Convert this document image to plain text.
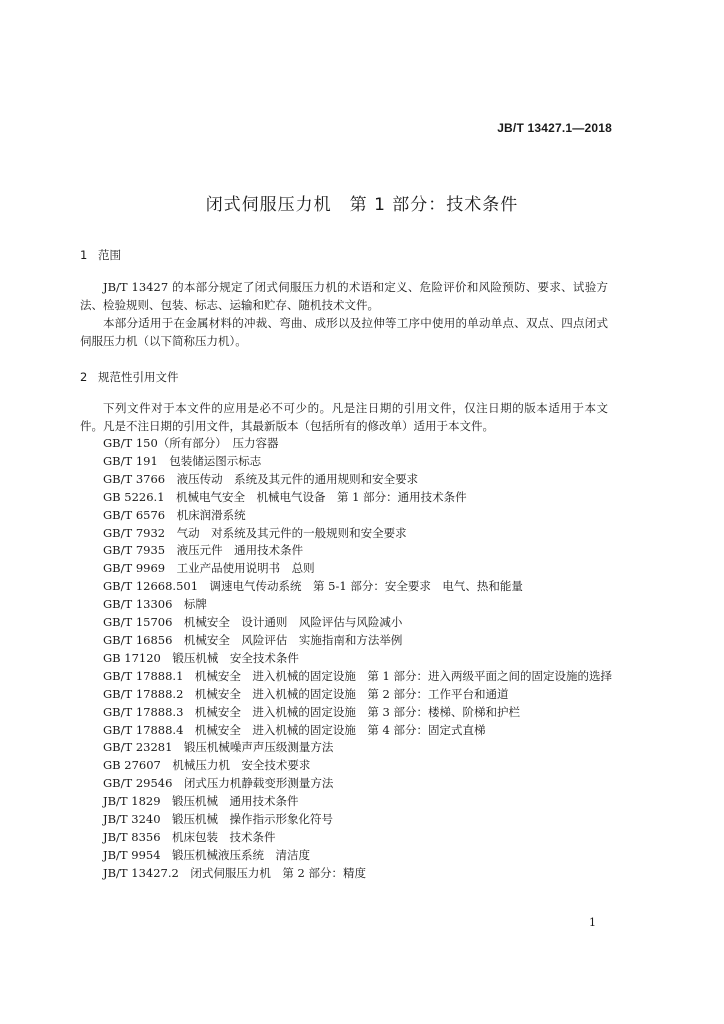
JB/T 13427.1—2018
闭式伺服压力机　第 1 部分：技术条件
1 范围

JB/T 13427 的本部分规定了闭式伺服压力机的术语和定义、危险评价和风险预防、要求、试验方法、检验规则、包装、标志、运输和贮存、随机技术文件。

本部分适用于在金属材料的冲裁、弯曲、成形以及拉伸等工序中使用的单动单点、双点、四点闭式伺服压力机（以下简称压力机）。

2 规范性引用文件

下列文件对于本文件的应用是必不可少的。凡是注日期的引用文件，仅注日期的版本适用于本文件。凡是不注日期的引用文件，其最新版本（包括所有的修改单）适用于本文件。

GB/T 150（所有部分）　压力容器
GB/T 191　包装储运图示标志
GB/T 3766　液压传动　系统及其元件的通用规则和安全要求
GB 5226.1　机械电气安全　机械电气设备　第 1 部分：通用技术条件
GB/T 6576　机床润滑系统
GB/T 7932　气动　对系统及其元件的一般规则和安全要求
GB/T 7935　液压元件　通用技术条件
GB/T 9969　工业产品使用说明书　总则
GB/T 12668.501　调速电气传动系统　第 5-1 部分：安全要求　电气、热和能量
GB/T 13306　标牌
GB/T 15706　机械安全　设计通则　风险评估与风险减小
GB/T 16856　机械安全　风险评估　实施指南和方法举例
GB 17120　锻压机械　安全技术条件
GB/T 17888.1　机械安全　进入机械的固定设施　第 1 部分：进入两级平面之间的固定设施的选择
GB/T 17888.2　机械安全　进入机械的固定设施　第 2 部分：工作平台和通道
GB/T 17888.3　机械安全　进入机械的固定设施　第 3 部分：楼梯、阶梯和护栏
GB/T 17888.4　机械安全　进入机械的固定设施　第 4 部分：固定式直梯
GB/T 23281　锻压机械噪声声压级测量方法
GB 27607　机械压力机　安全技术要求
GB/T 29546　闭式压力机静载变形测量方法
JB/T 1829　锻压机械　通用技术条件
JB/T 3240　锻压机械　操作指示形象化符号
JB/T 8356　机床包装　技术条件
JB/T 9954　锻压机械液压系统　清洁度
JB/T 13427.2　闭式伺服压力机　第 2 部分：精度
1
